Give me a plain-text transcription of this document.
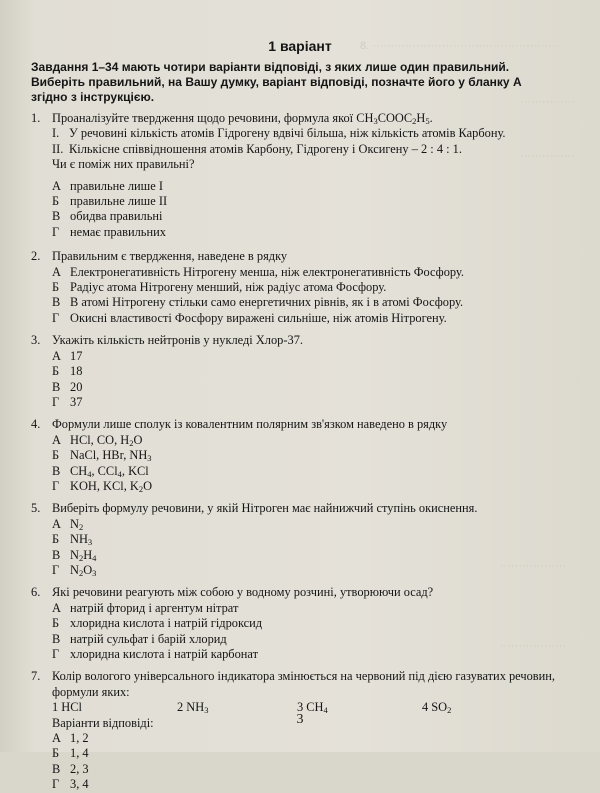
8. ···················································
···············
···············
··················
··················
1 варіант
Завдання 1–34 мають чотири варіанти відповіді, з яких лише один правильний. Виберіть правильний, на Вашу думку, варіант відповіді, позначте його у бланку А згідно з інструкцією.
1. Проаналізуйте твердження щодо речовини, формула якої $CH_3COOC_2H_5$.
I. У речовині кількість атомів Гідрогену вдвічі більша, ніж кількість атомів Карбону.
II. Кількісне співвідношення атомів Карбону, Гідрогену і Оксигену – 2 : 4 : 1.
Чи є поміж них правильні?
А правильне лише I
Б правильне лише II
В обидва правильні
Г немає правильних
2. Правильним є твердження, наведене в рядку
А Електронегативність Нітрогену менша, ніж електронегативність Фосфору.
Б Радіус атома Нітрогену менший, ніж радіус атома Фосфору.
В В атомі Нітрогену стільки само енергетичних рівнів, як і в атомі Фосфору.
Г Окисні властивості Фосфору виражені сильніше, ніж атомів Нітрогену.
3. Укажіть кількість нейтронів у нукледі Хлор-37.
А 17
Б 18
В 20
Г 37
4. Формули лише сполук із ковалентним полярним зв'язком наведено в рядку
А HCl, CO, $H_2O$
Б NaCl, HBr, $NH_3$
В $CH_4$, CCl$_4$, KCl
Г KOH, KCl, $K_2O$
5. Виберіть формулу речовини, у якій Нітроген має найнижчий ступінь окиснення.
А $N_2$
Б $NH_3$
В $N_2H_4$
Г $N_2O_3$
6. Які речовини реагують між собою у водному розчині, утворюючи осад?
А натрій фторид і аргентум нітрат
Б хлоридна кислота і натрій гідроксид
В натрій сульфат і барій хлорид
Г хлоридна кислота і натрій карбонат
7. Колір вологого універсального індикатора змінюється на червоний під дією газуватих речовин, формули яких:
1 HCl	2 $NH_3$	3 $CH_4$	4 $SO_2$
Варіанти відповіді:
А 1, 2
Б 1, 4
В 2, 3
Г 3, 4
3
